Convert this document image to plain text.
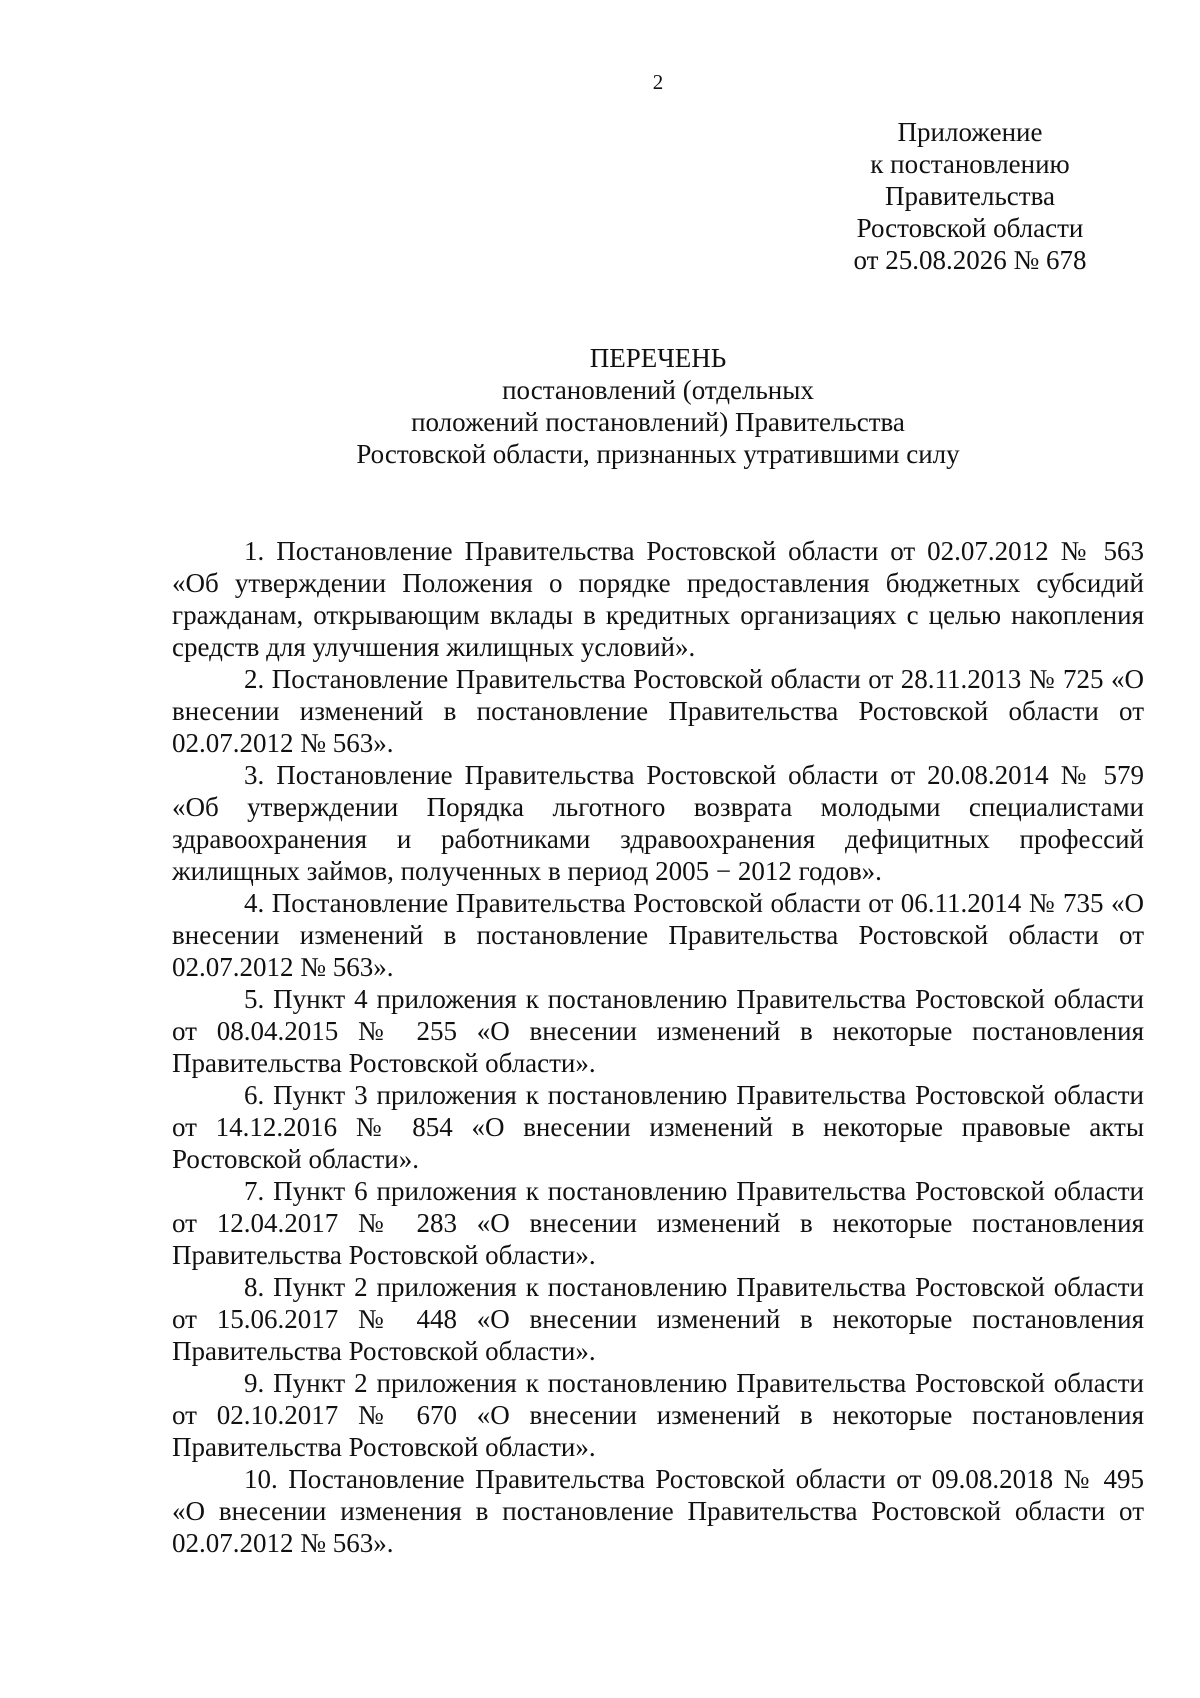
2
Приложение
к постановлению
Правительства
Ростовской области
от 25.08.2026 № 678
ПЕРЕЧЕНЬ
постановлений (отдельных
положений постановлений) Правительства
Ростовской области, признанных утратившими силу

1. Постановление Правительства Ростовской области от 02.07.2012 № 563 «Об утверждении Положения о порядке предоставления бюджетных субсидий гражданам, открывающим вклады в кредитных организациях с целью накопления средств для улучшения жилищных условий».

2. Постановление Правительства Ростовской области от 28.11.2013 № 725 «О внесении изменений в постановление Правительства Ростовской области от 02.07.2012 № 563».

3. Постановление Правительства Ростовской области от 20.08.2014 № 579 «Об утверждении Порядка льготного возврата молодыми специалистами здравоохранения и работниками здравоохранения дефицитных профессий жилищных займов, полученных в период 2005 − 2012 годов».

4. Постановление Правительства Ростовской области от 06.11.2014 № 735 «О внесении изменений в постановление Правительства Ростовской области от 02.07.2012 № 563».

5. Пункт 4 приложения к постановлению Правительства Ростовской области от 08.04.2015 № 255 «О внесении изменений в некоторые постановления Правительства Ростовской области».

6. Пункт 3 приложения к постановлению Правительства Ростовской области от 14.12.2016 № 854 «О внесении изменений в некоторые правовые акты Ростовской области».

7. Пункт 6 приложения к постановлению Правительства Ростовской области от 12.04.2017 № 283 «О внесении изменений в некоторые постановления Правительства Ростовской области».

8. Пункт 2 приложения к постановлению Правительства Ростовской области от 15.06.2017 № 448 «О внесении изменений в некоторые постановления Правительства Ростовской области».

9. Пункт 2 приложения к постановлению Правительства Ростовской области от 02.10.2017 № 670 «О внесении изменений в некоторые постановления Правительства Ростовской области».

10. Постановление Правительства Ростовской области от 09.08.2018 № 495 «О внесении изменения в постановление Правительства Ростовской области от 02.07.2012 № 563».
